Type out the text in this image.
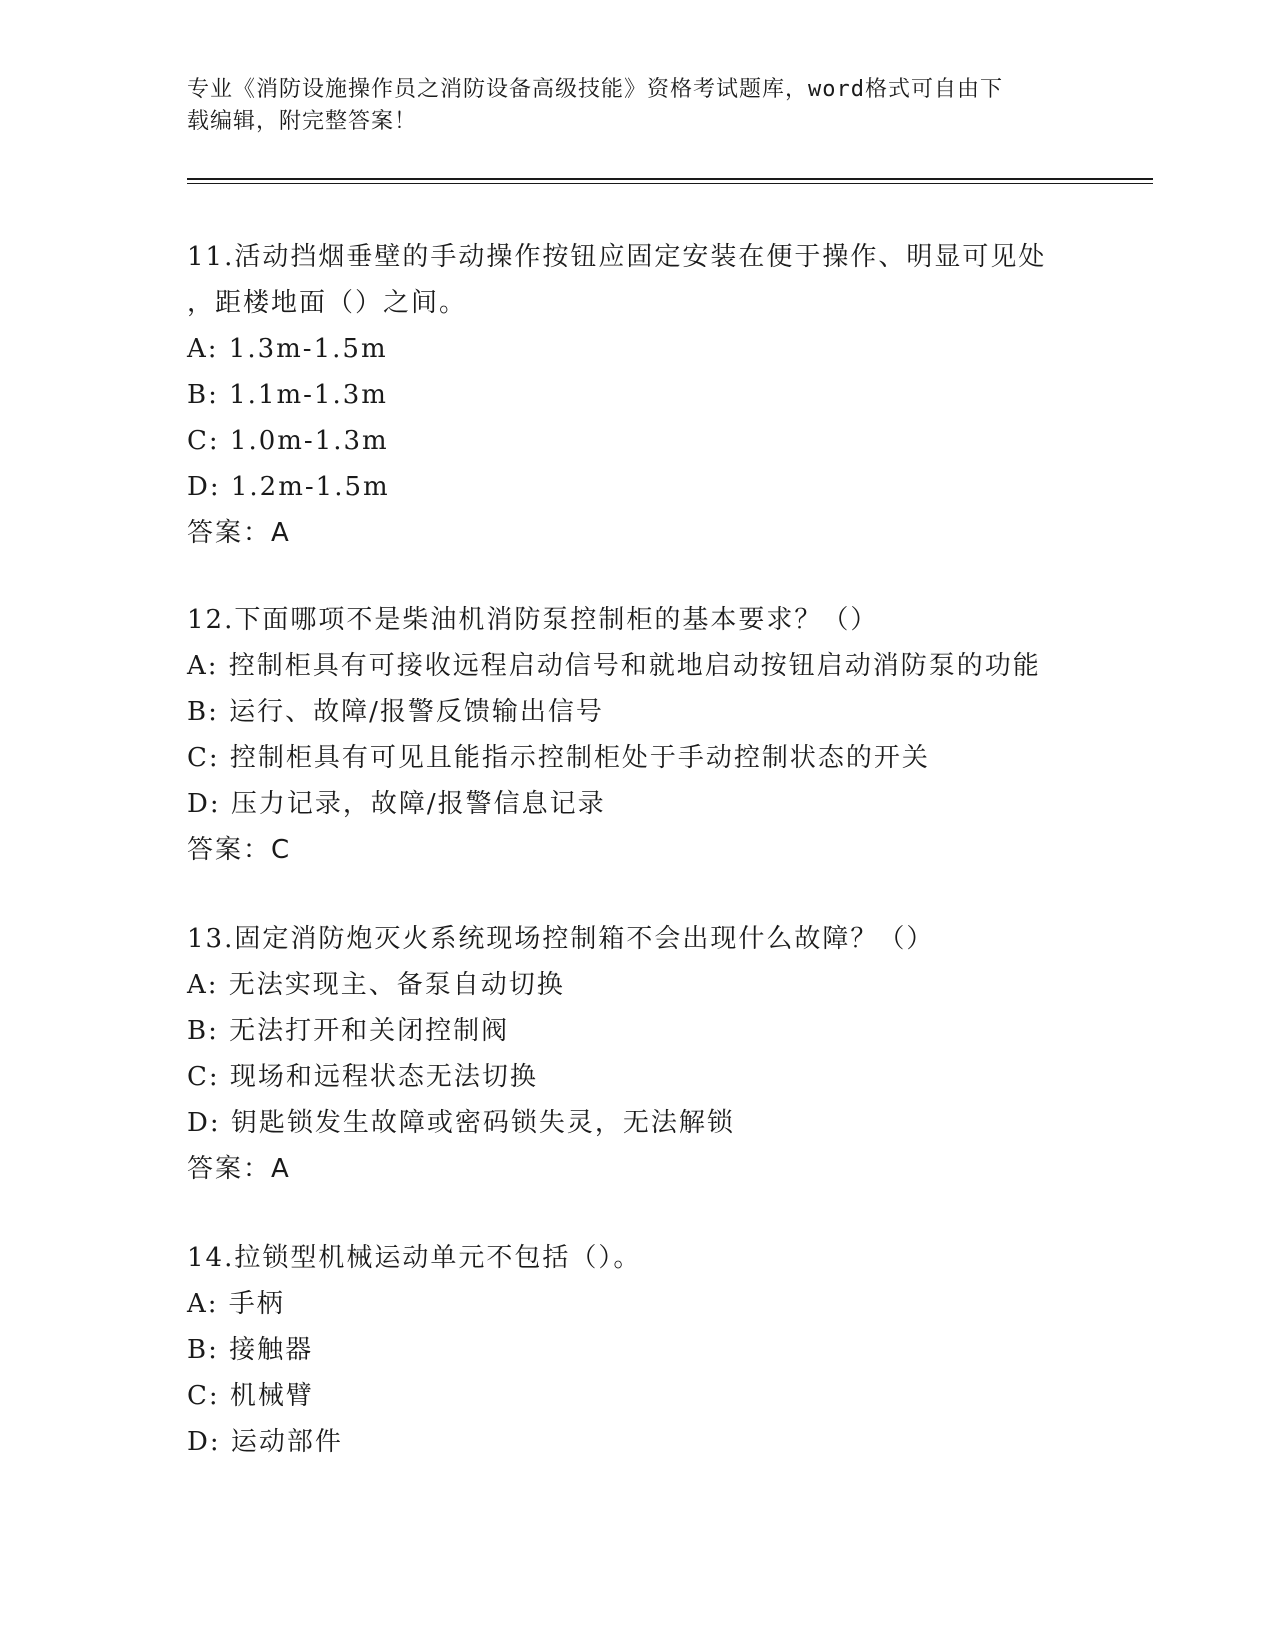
专业《消防设施操作员之消防设备高级技能》资格考试题库，word格式可自由下
载编辑，附完整答案！

11.活动挡烟垂壁的手动操作按钮应固定安装在便于操作、明显可见处

，距楼地面（）之间。

A: 1.3m-1.5m

B: 1.1m-1.3m

C: 1.0m-1.3m

D: 1.2m-1.5m

答案：A

12.下面哪项不是柴油机消防泵控制柜的基本要求？（）

A: 控制柜具有可接收远程启动信号和就地启动按钮启动消防泵的功能

B: 运行、故障/报警反馈输出信号

C: 控制柜具有可见且能指示控制柜处于手动控制状态的开关

D: 压力记录，故障/报警信息记录

答案：C

13.固定消防炮灭火系统现场控制箱不会出现什么故障？（）

A: 无法实现主、备泵自动切换

B: 无法打开和关闭控制阀

C: 现场和远程状态无法切换

D: 钥匙锁发生故障或密码锁失灵，无法解锁

答案：A

14.拉锁型机械运动单元不包括（）。

A: 手柄

B: 接触器

C: 机械臂

D: 运动部件
